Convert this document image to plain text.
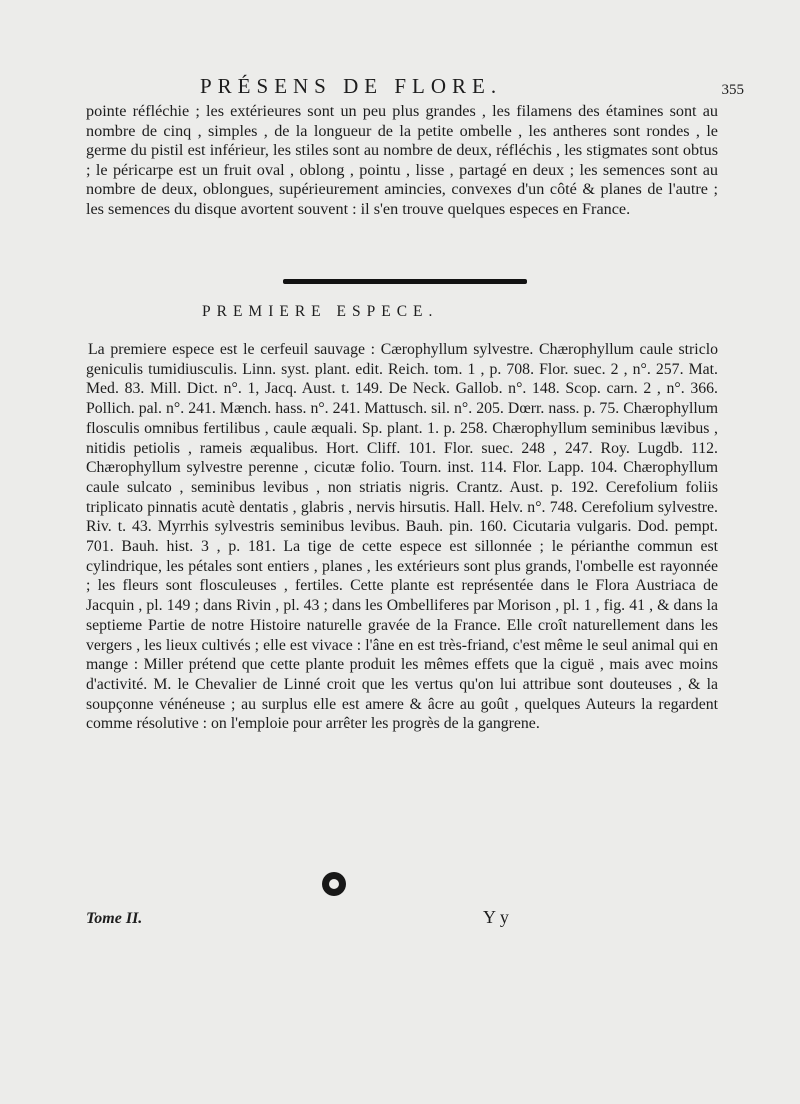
PRÉSENS DE FLORE.	355

pointe réfléchie ; les extérieures sont un peu plus grandes , les filamens des étamines sont au nombre de cinq , simples , de la longueur de la petite ombelle , les antheres sont rondes , le germe du pistil est inférieur, les stiles sont au nombre de deux, réfléchis , les stigmates sont obtus ; le péricarpe est un fruit oval , oblong , pointu , lisse , partagé en deux ; les semences sont au nombre de deux, oblongues, supérieurement amincies, convexes d'un côté & planes de l'autre ; les semences du disque avortent souvent : il s'en trouve quelques especes en France.

PREMIERE ESPECE.

La premiere espece est le cerfeuil sauvage : Cærophyllum sylvestre. Chærophyllum caule striclo geniculis tumidiusculis. Linn. syst. plant. edit. Reich. tom. 1 , p. 708. Flor. suec. 2 , n°. 257. Mat. Med. 83. Mill. Dict. n°. 1, Jacq. Aust. t. 149. De Neck. Gallob. n°. 148. Scop. carn. 2 , n°. 366. Pollich. pal. n°. 241. Mænch. hass. n°. 241. Mattusch. sil. n°. 205. Dœrr. nass. p. 75. Chærophyllum flosculis omnibus fertilibus , caule æquali. Sp. plant. 1. p. 258. Chærophyllum seminibus lævibus , nitidis petiolis , rameis æqualibus. Hort. Cliff. 101. Flor. suec. 248 , 247. Roy. Lugdb. 112. Chærophyllum sylvestre perenne , cicutæ folio. Tourn. inst. 114. Flor. Lapp. 104. Chærophyllum caule sulcato , seminibus levibus , non striatis nigris. Crantz. Aust. p. 192. Cerefolium foliis triplicato pinnatis acutè dentatis , glabris , nervis hirsutis. Hall. Helv. n°. 748. Cerefolium sylvestre. Riv. t. 43. Myrrhis sylvestris seminibus levibus. Bauh. pin. 160. Cicutaria vulgaris. Dod. pempt. 701. Bauh. hist. 3 , p. 181. La tige de cette espece est sillonnée ; le périanthe commun est cylindrique, les pétales sont entiers , planes , les extérieurs sont plus grands, l'ombelle est rayonnée ; les fleurs sont flosculeuses , fertiles. Cette plante est représentée dans le Flora Austriaca de Jacquin , pl. 149 ; dans Rivin , pl. 43 ; dans les Ombelliferes par Morison , pl. 1 , fig. 41 , & dans la septieme Partie de notre Histoire naturelle gravée de la France. Elle croît naturellement dans les vergers , les lieux cultivés ; elle est vivace : l'âne en est très-friand, c'est même le seul animal qui en mange : Miller prétend que cette plante produit les mêmes effets que la ciguë , mais avec moins d'activité. M. le Chevalier de Linné croit que les vertus qu'on lui attribue sont douteuses , & la soupçonne vénéneuse ; au surplus elle est amere & âcre au goût , quelques Auteurs la regardent comme résolutive : on l'emploie pour arrêter les progrès de la gangrene.

Tome II.	Y y
